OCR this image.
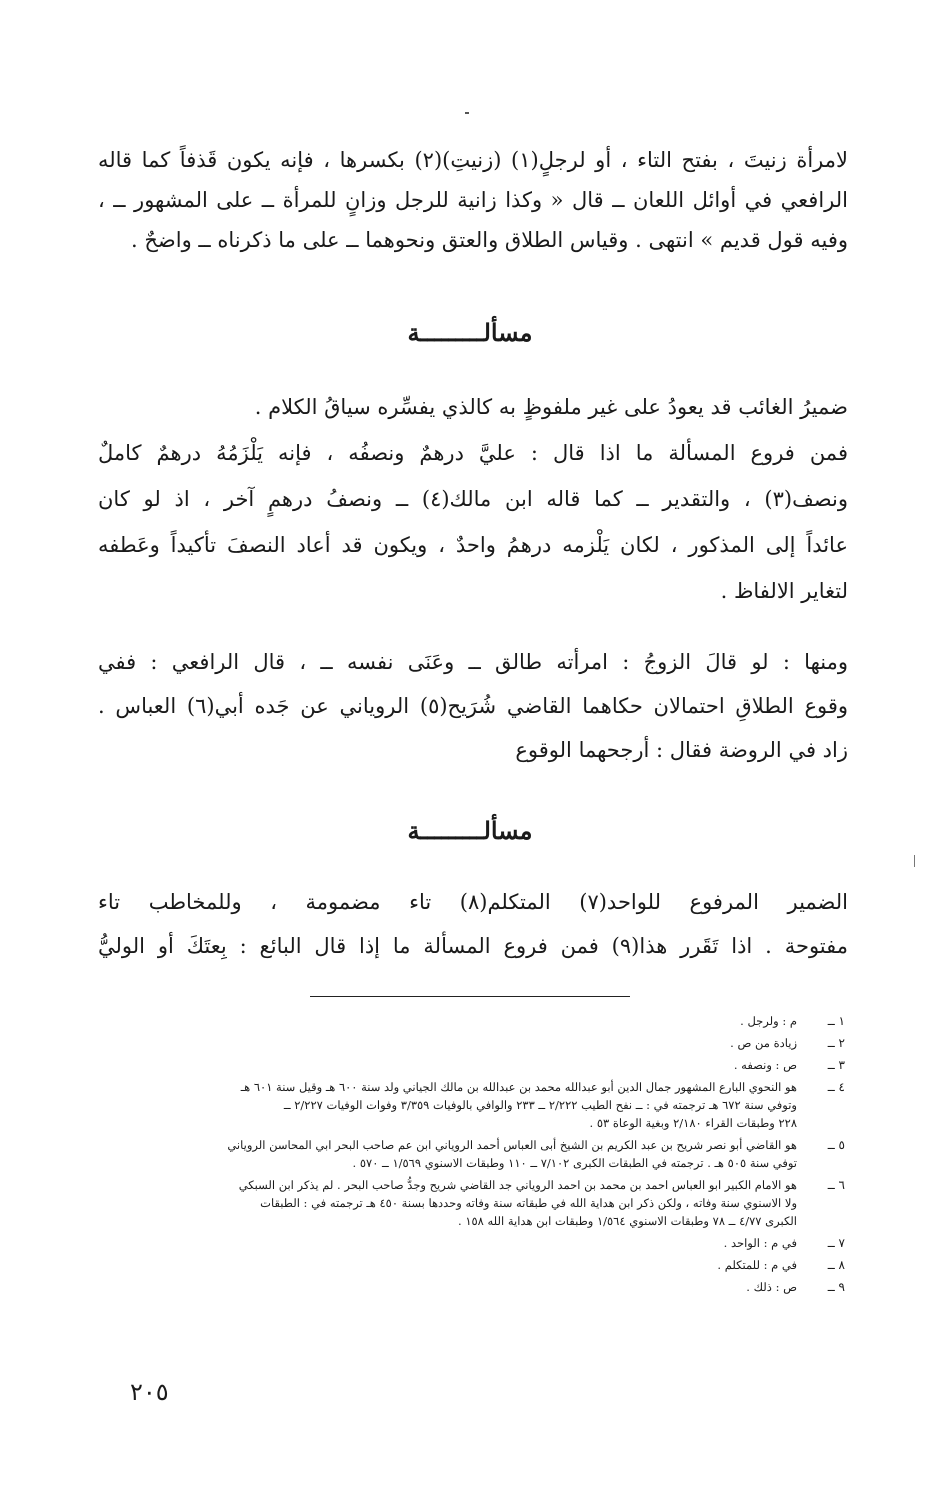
لامرأة زنيتَ ، بفتح التاء ، أو لرجلٍ(١) (زنيتِ)(٢) بكسرها ، فإنه يكون قَذفاً كما قاله
الرافعي في أوائل اللعان ــ قال « وكذا زانية للرجل وزانٍ للمرأة ــ على المشهور ــ ،
وفيه قول قديم » انتهى . وقياس الطلاق والعتق ونحوهما ــ على ما ذكرناه ــ واضحٌ .
مسألـــــــــة
ضميرُ الغائب قد يعودُ على غير ملفوظٍ به كالذي يفسِّره سياقُ الكلام .
فمن فروع المسألة ما اذا قال : عليَّ درهمٌ ونصفُه ، فإنه يَلْزَمُهُ درهمٌ كاملٌ
ونصف(٣) ، والتقدير ــ كما قاله ابن مالك(٤) ــ ونصفُ درهمٍ آخر ، اذ لو كان
عائداً إلى المذكور ، لكان يَلْزمه درهمُ واحدٌ ، ويكون قد أعاد النصفَ تأكيداً وعَطفه
لتغاير الالفاظ .
ومنها : لو قالَ الزوجُ : امرأته طالق ــ وعَنَى نفسه ــ ، قال الرافعي : ففي
وقوع الطلاقِ احتمالان حكاهما القاضي شُرَيح(٥) الروياني عن جَده أبي(٦) العباس .
زاد في الروضة فقال : أرجحهما الوقوع
مسألـــــــــة
الضمير المرفوع للواحد(٧) المتكلم(٨) تاء مضمومة ، وللمخاطب تاء
مفتوحة . اذا تَقَرر هذا(٩) فمن فروع المسألة ما إذا قال البائع : بِعتَكَ أو الوليُّ
١ ــ
م : ولرجل .
٢ ــ
زيادة من ص .
٣ ــ
ص : ونصفه .
٤ ــ
هو النحوي البارع المشهور جمال الدين أبو عبدالله محمد بن عبدالله بن مالك الجياني ولد سنة ٦٠٠ هـ وقيل سنة ٦٠١ هـ
وتوفي سنة ٦٧٢ هـ ترجمته في : ــ نفح الطيب ٢/٢٢٢ ــ ٢٣٣ والوافي بالوفيات ٣/٣٥٩ وفوات الوفيات ٢/٢٢٧ ــ
٢٢٨ وطبقات القراء ٢/١٨٠ وبغية الوعاة ٥٣ .
٥ ــ
هو القاضي أبو نصر شريح بن عبد الكريم بن الشيخ أبى العباس أحمد الروياني ابن عم صاحب البحر ابي المحاسن الروياني
توفي سنة ٥٠٥ هـ . ترجمته في الطبقات الكبرى ٧/١٠٢ ــ ١١٠ وطبقات الاسنوي ١/٥٦٩ ــ ٥٧٠ .
٦ ــ
هو الامام الكبير ابو العباس احمد بن محمد بن احمد الروياني جد القاضي شريح وجدُّ صاحب البحر . لم يذكر ابن السبكي
ولا الاسنوي سنة وفاته ، ولكن ذكر ابن هداية الله في طبقاته سنة وفاته وحددها بسنة ٤٥٠ هـ ترجمته في : الطبقات
الكبرى ٤/٧٧ ــ ٧٨ وطبقات الاسنوي ١/٥٦٤ وطبقات ابن هداية الله ١٥٨ .
٧ ــ
في م : الواحد .
٨ ــ
في م : للمتكلم .
٩ ــ
ص : ذلك .
٢٠٥
